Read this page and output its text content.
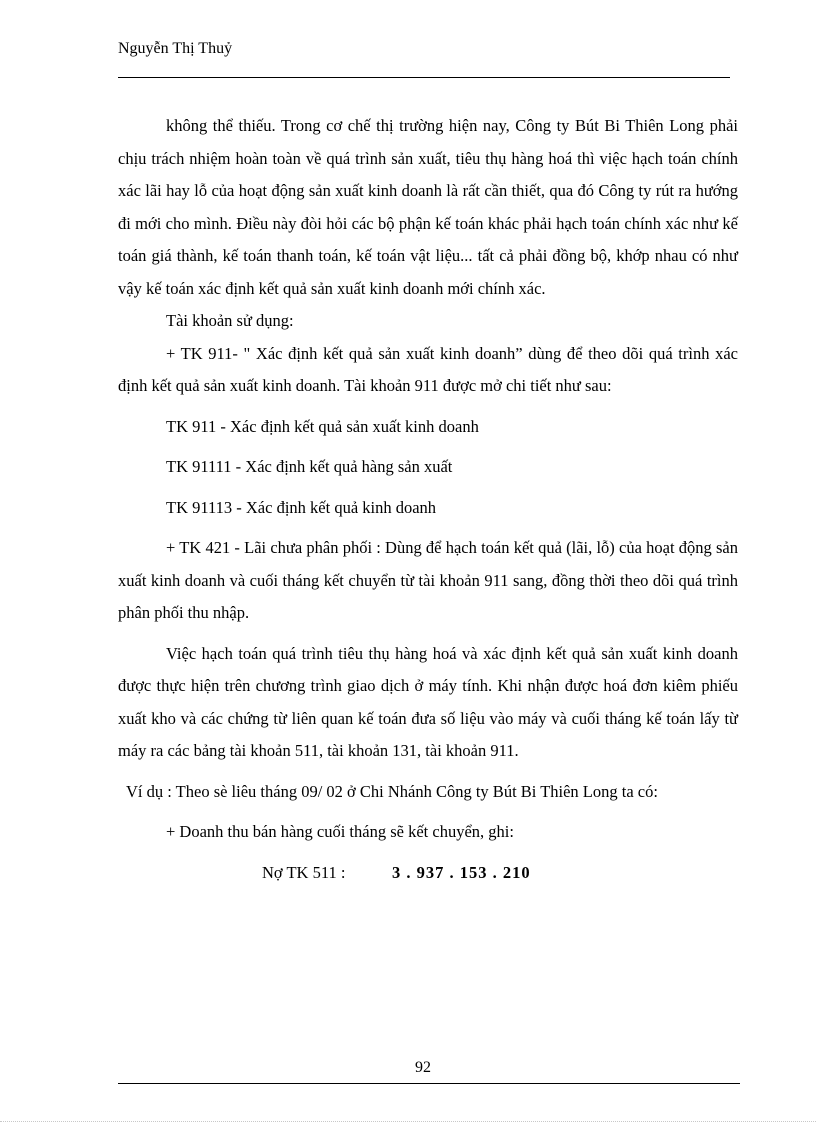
Nguyễn Thị Thuỷ

không thể thiếu. Trong cơ chế thị trường hiện nay, Công ty Bút Bi Thiên Long phải chịu trách nhiệm hoàn toàn về quá trình sản xuất, tiêu thụ hàng hoá thì việc hạch toán chính xác lãi hay lỗ của hoạt động sản xuất kinh doanh là rất cần thiết, qua đó Công ty rút ra hướng đi mới cho mình. Điều này đòi hỏi các bộ phận kế toán khác phải hạch toán chính xác như kế toán giá thành, kế toán thanh toán, kế toán vật liệu... tất cả phải đồng bộ, khớp nhau có như vậy kế toán xác định kết quả sản xuất kinh doanh mới chính xác.

Tài khoản sử dụng:

+ TK 911- " Xác định kết quả sản xuất kinh doanh” dùng để theo dõi quá trình xác định kết quả sản xuất kinh doanh. Tài khoản 911 được mở chi tiết như sau:

TK 911 - Xác định kết quả sản xuất kinh doanh

TK 91111 - Xác định kết quả hàng sản xuất

TK 91113 - Xác định kết quả kinh doanh

+ TK 421 - Lãi chưa phân phối : Dùng để hạch toán kết quả (lãi, lỗ) của hoạt động sản xuất kinh doanh và cuối tháng kết chuyển từ tài khoản 911 sang, đồng thời theo dõi quá trình phân phối thu nhập.

Việc hạch toán quá trình tiêu thụ hàng hoá và xác định kết quả sản xuất kinh doanh được thực hiện trên chương trình giao dịch ở máy tính. Khi nhận được hoá đơn kiêm phiếu xuất kho và các chứng từ liên quan kế toán đưa số liệu vào máy và cuối tháng kế toán lấy từ máy ra các bảng tài khoản 511, tài khoản 131, tài khoản 911.

Ví dụ : Theo sè liêu tháng 09/ 02 ở Chi Nhánh Công ty Bút Bi Thiên Long ta có:

+ Doanh thu bán hàng cuối tháng sẽ kết chuyển, ghi:

Nợ TK 511 :	3 . 937 . 153 . 210

92
